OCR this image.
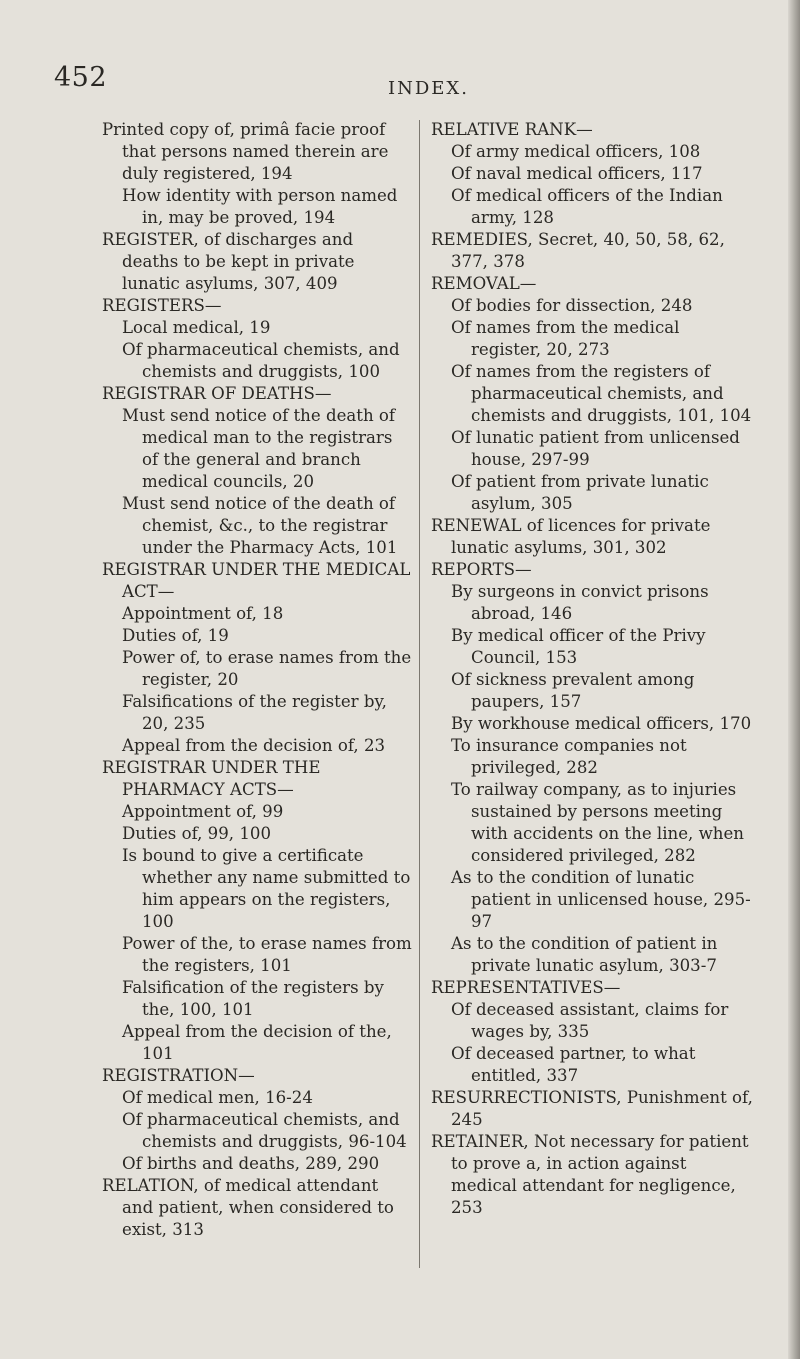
452	INDEX.

Printed copy of, primâ facie proof that persons named therein are duly registered, 194

How identity with person named in, may be proved, 194

REGISTER, of discharges and deaths to be kept in private lunatic asylums, 307, 409

REGISTERS—

Local medical, 19

Of pharmaceutical chemists, and chemists and druggists, 100

REGISTRAR OF DEATHS—

Must send notice of the death of medical man to the registrars of the general and branch medical councils, 20

Must send notice of the death of chemist, &c., to the registrar under the Pharmacy Acts, 101

REGISTRAR UNDER THE MEDICAL ACT—

Appointment of, 18

Duties of, 19

Power of, to erase names from the register, 20

Falsifications of the register by, 20, 235

Appeal from the decision of, 23

REGISTRAR UNDER THE PHARMACY ACTS—

Appointment of, 99

Duties of, 99, 100

Is bound to give a certificate whether any name submitted to him appears on the registers, 100

Power of the, to erase names from the registers, 101

Falsification of the registers by the, 100, 101

Appeal from the decision of the, 101

REGISTRATION—

Of medical men, 16-24

Of pharmaceutical chemists, and chemists and druggists, 96-104

Of births and deaths, 289, 290

RELATION, of medical attendant and patient, when considered to exist, 313

RELATIVE RANK—

Of army medical officers, 108

Of naval medical officers, 117

Of medical officers of the Indian army, 128

REMEDIES, Secret, 40, 50, 58, 62, 377, 378

REMOVAL—

Of bodies for dissection, 248

Of names from the medical register, 20, 273

Of names from the registers of pharmaceutical chemists, and chemists and druggists, 101, 104

Of lunatic patient from unlicensed house, 297-99

Of patient from private lunatic asylum, 305

RENEWAL of licences for private lunatic asylums, 301, 302

REPORTS—

By surgeons in convict prisons abroad, 146

By medical officer of the Privy Council, 153

Of sickness prevalent among paupers, 157

By workhouse medical officers, 170

To insurance companies not privileged, 282

To railway company, as to injuries sustained by persons meeting with accidents on the line, when considered privileged, 282

As to the condition of lunatic patient in unlicensed house, 295-97

As to the condition of patient in private lunatic asylum, 303-7

REPRESENTATIVES—

Of deceased assistant, claims for wages by, 335

Of deceased partner, to what entitled, 337

RESURRECTIONISTS, Punishment of, 245

RETAINER, Not necessary for patient to prove a, in action against medical attendant for negligence, 253
